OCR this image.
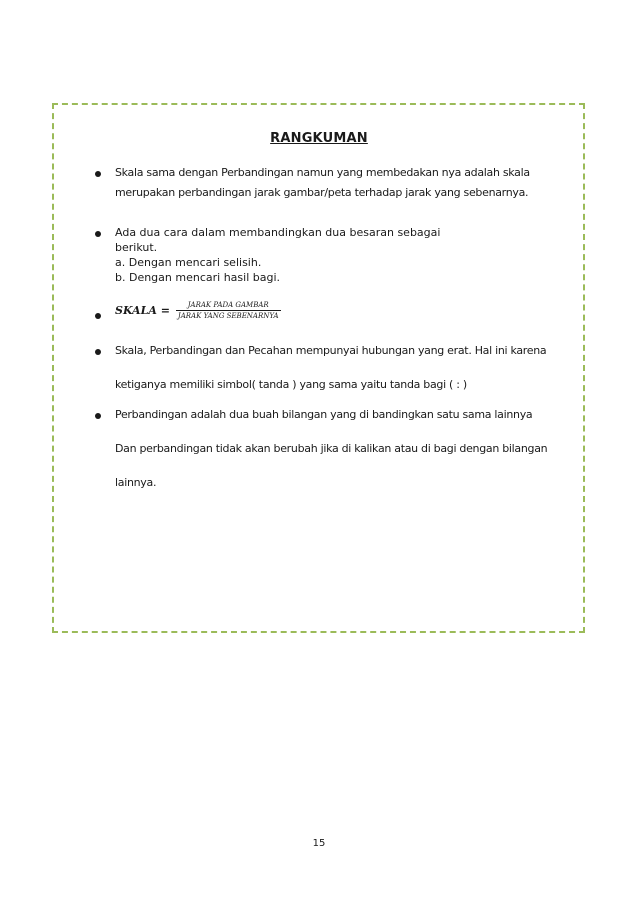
RANGKUMAN
Skala sama dengan Perbandingan namun yang membedakan nya adalah skala
merupakan perbandingan jarak gambar/peta terhadap jarak yang sebenarnya.
Ada dua cara dalam membandingkan dua besaran sebagai
berikut.
a. Dengan mencari selisih.
b. Dengan mencari hasil bagi.
SKALA = $\frac{\text{JARAK PADA GAMBAR}}{\text{JARAK YANG SEBENARNYA}}$
Skala, Perbandingan dan Pecahan mempunyai hubungan yang erat. Hal ini karena
ketiganya memiliki simbol( tanda ) yang sama yaitu tanda bagi ( : )
Perbandingan adalah dua buah bilangan yang di bandingkan satu sama lainnya
Dan perbandingan tidak akan berubah jika di kalikan atau di bagi dengan bilangan
lainnya.
15
